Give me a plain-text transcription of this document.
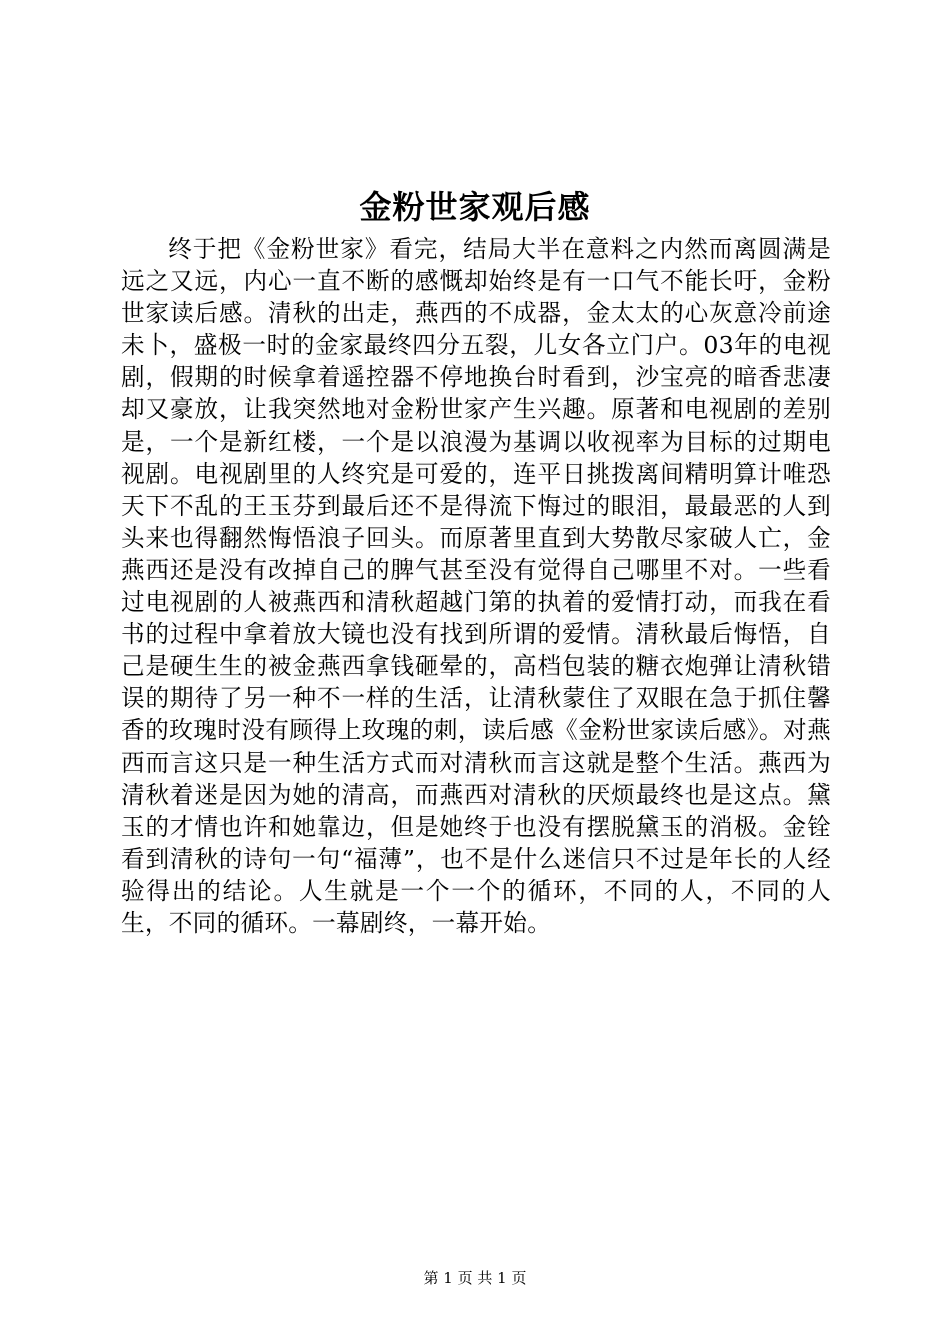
金粉世家观后感

终于把《金粉世家》看完，结局大半在意料之内然而离圆满是远之又远，内心一直不断的感慨却始终是有一口气不能长吁，金粉世家读后感。清秋的出走，燕西的不成器，金太太的心灰意冷前途未卜，盛极一时的金家最终四分五裂，儿女各立门户。03年的电视剧，假期的时候拿着遥控器不停地换台时看到，沙宝亮的暗香悲凄却又豪放，让我突然地对金粉世家产生兴趣。原著和电视剧的差别是，一个是新红楼，一个是以浪漫为基调以收视率为目标的过期电视剧。电视剧里的人终究是可爱的，连平日挑拨离间精明算计唯恐天下不乱的王玉芬到最后还不是得流下悔过的眼泪，最最恶的人到头来也得翻然悔悟浪子回头。而原著里直到大势散尽家破人亡，金燕西还是没有改掉自己的脾气甚至没有觉得自己哪里不对。一些看过电视剧的人被燕西和清秋超越门第的执着的爱情打动，而我在看书的过程中拿着放大镜也没有找到所谓的爱情。清秋最后悔悟，自己是硬生生的被金燕西拿钱砸晕的，高档包装的糖衣炮弹让清秋错误的期待了另一种不一样的生活，让清秋蒙住了双眼在急于抓住馨香的玫瑰时没有顾得上玫瑰的刺，读后感《金粉世家读后感》。对燕西而言这只是一种生活方式而对清秋而言这就是整个生活。燕西为清秋着迷是因为她的清高，而燕西对清秋的厌烦最终也是这点。黛玉的才情也许和她靠边，但是她终于也没有摆脱黛玉的消极。金铨看到清秋的诗句一句“福薄”，也不是什么迷信只不过是年长的人经验得出的结论。人生就是一个一个的循环，不同的人，不同的人生，不同的循环。一幕剧终，一幕开始。

第 1 页 共 1 页
